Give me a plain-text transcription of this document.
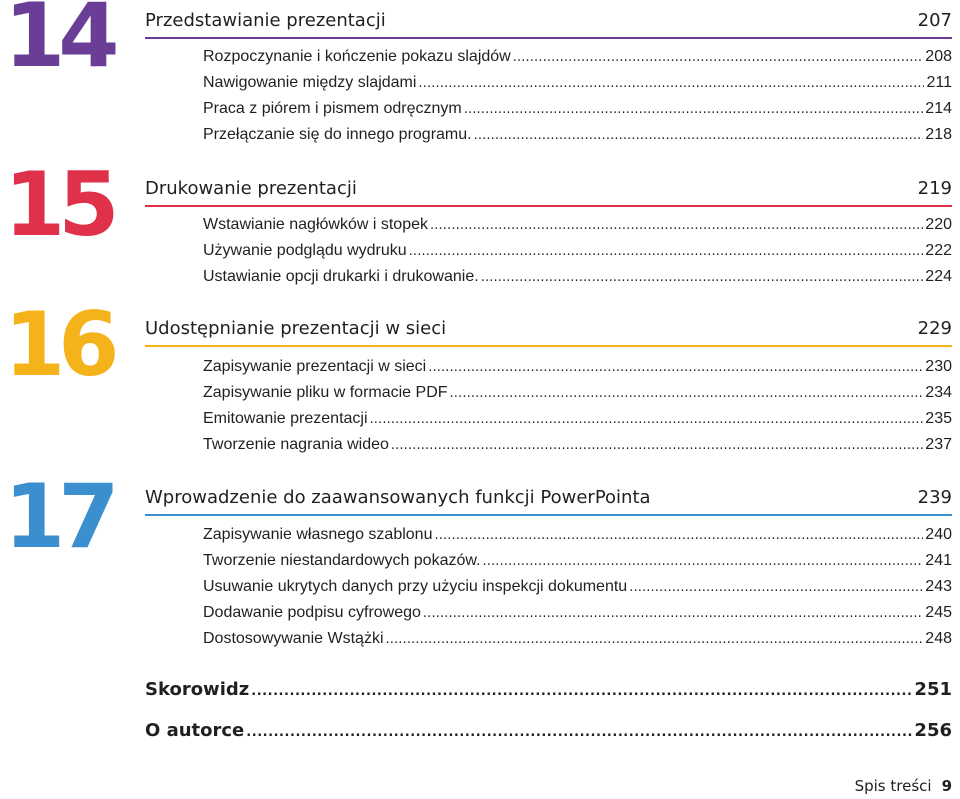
14 Przedstawianie prezentacji	207
Rozpoczynanie i kończenie pokazu slajdów . . .	208
Nawigowanie między slajdami . . .	211
Praca z piórem i pismem odręcznym . . .	214
Przełączanie się do innego programu. . . .	218
15 Drukowanie prezentacji	219
Wstawianie nagłówków i stopek . . .	220
Używanie podglądu wydruku . . .	222
Ustawianie opcji drukarki i drukowanie. . . .	224
16 Udostępnianie prezentacji w sieci	229
Zapisywanie prezentacji w sieci . . .	230
Zapisywanie pliku w formacie PDF . . .	234
Emitowanie prezentacji . . .	235
Tworzenie nagrania wideo . . .	237
17 Wprowadzenie do zaawansowanych funkcji PowerPointa	239
Zapisywanie własnego szablonu . . .	240
Tworzenie niestandardowych pokazów. . . .	241
Usuwanie ukrytych danych przy użyciu inspekcji dokumentu . . .	243
Dodawanie podpisu cyfrowego . . .	245
Dostosowywanie Wstążki . . .	248
Skorowidz . . .	251
O autorce . . .	256
Spis treści 9
